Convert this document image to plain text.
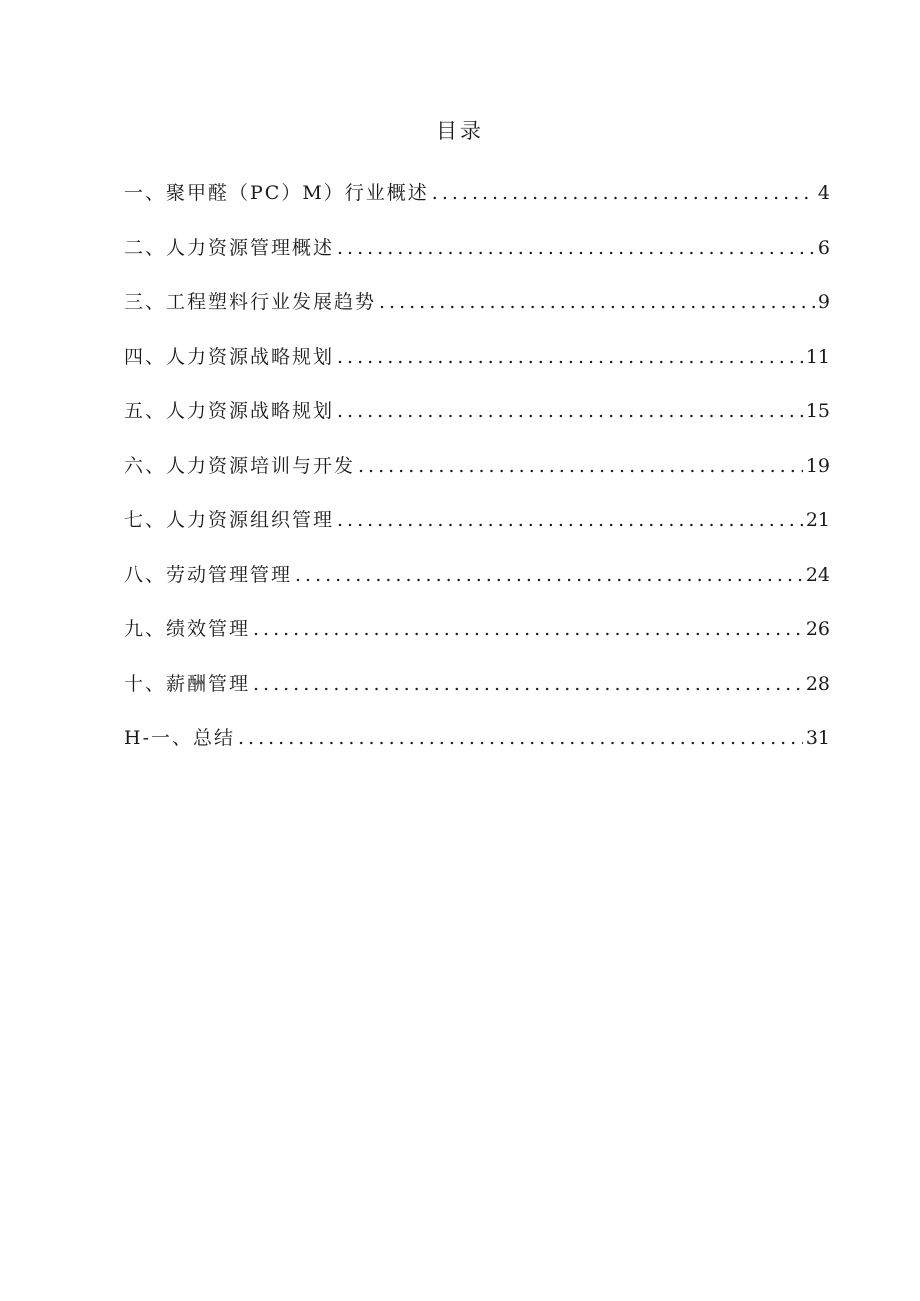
目录
一、聚甲醛（PC）M）行业概述 .....	4
二、人力资源管理概述 .....	6
三、工程塑料行业发展趋势 .....	9
四、人力资源战略规划 .....	11
五、人力资源战略规划 .....	15
六、人力资源培训与开发 .....	19
七、人力资源组织管理 .....	21
八、劳动管理管理 .....	24
九、绩效管理 .....	26
十、薪酬管理 .....	28
H-一、总结 .....	31
